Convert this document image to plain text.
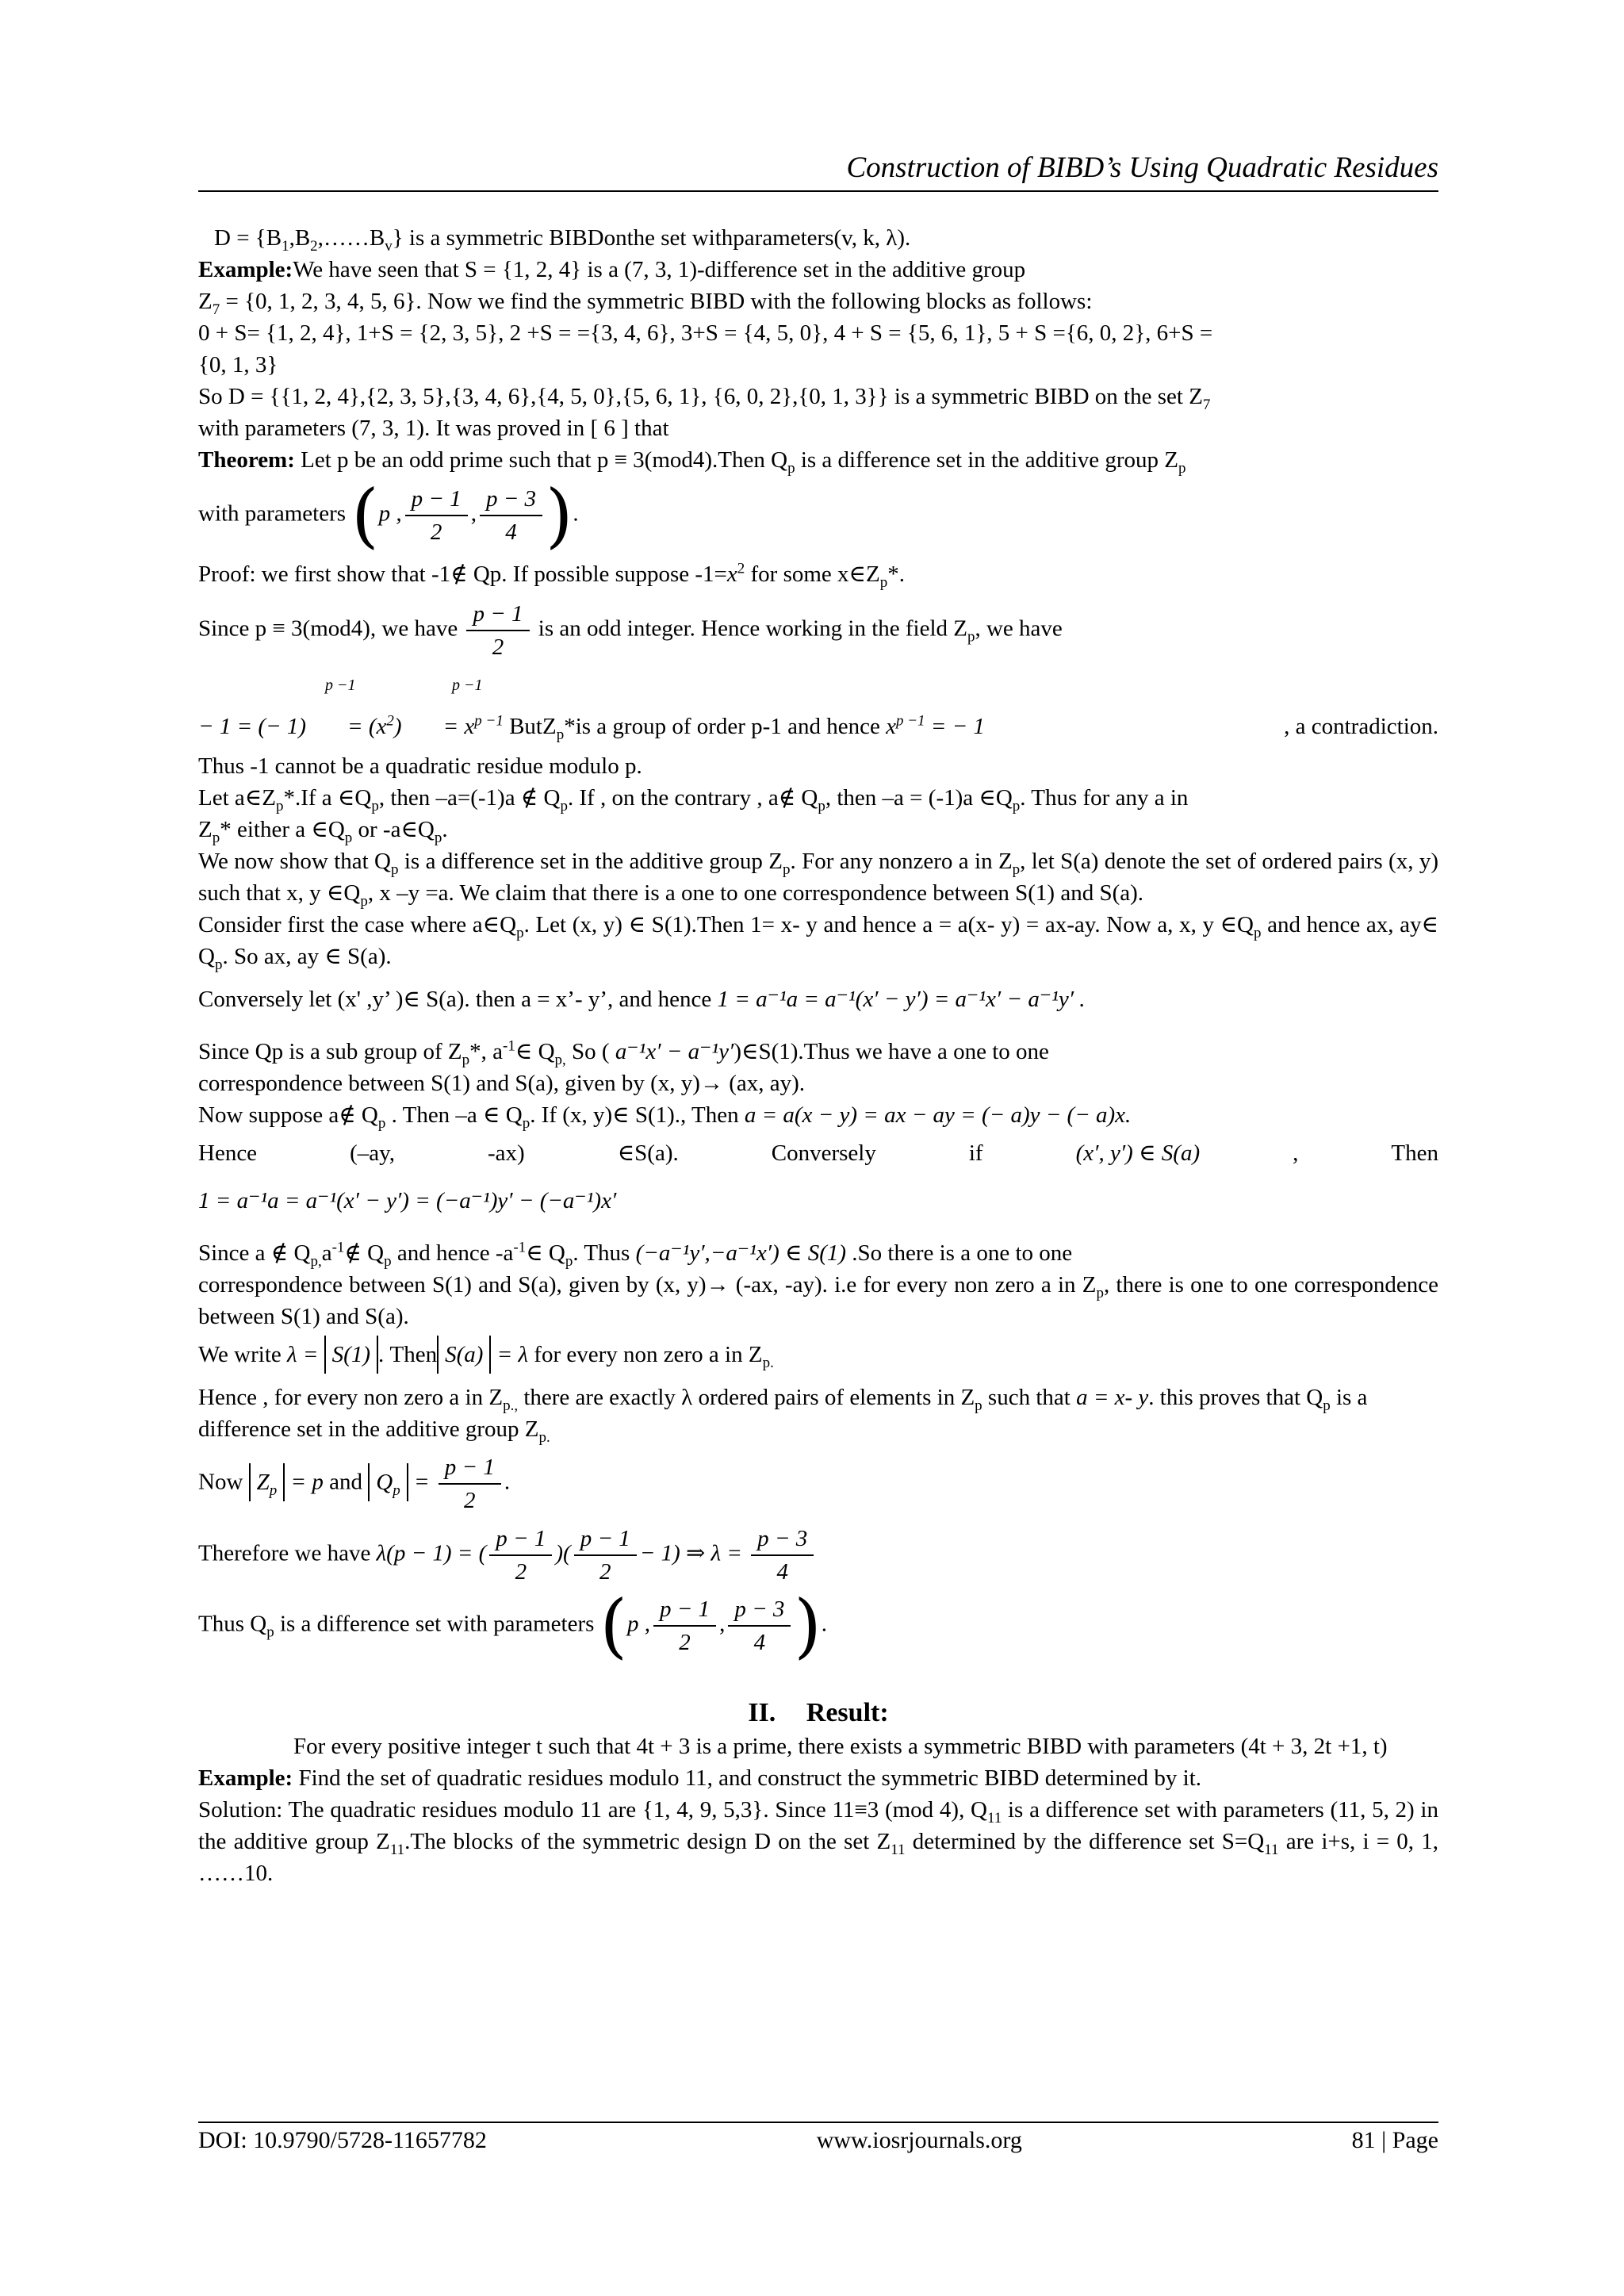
Construction of BIBD’s Using Quadratic Residues

$D = \{B_1,B_2,\dots\dots B_v\}$ is a symmetric BIBDonthe set withparameters(v, k, λ).

Example:We have seen that S = {1, 2, 4} is a (7, 3, 1)-difference set in the additive group

$Z_7 = \{0$, 1, 2, 3, 4, 5, 6}. Now we find the symmetric BIBD with the following blocks as follows:

0 + S= {1, 2, 4}, 1+S = {2, 3, 5}, 2 +S = ={3, 4, 6}, 3+S = {4, 5, 0}, 4 + S = {5, 6, 1}, 5 + S ={6, 0, 2}, 6+S =

{0, 1, 3}

So D = {{1, 2, 4},{2, 3, 5},{3, 4, 6},{4, 5, 0},{5, 6, 1}, {6, 0, 2},{0, 1, 3}} is a symmetric BIBD on the set $Z_7$

with parameters (7, 3, 1). It was proved in [ 6 ] that

Theorem: Let p be an odd prime such that p ≡ 3(mod4).Then $Q_p$ is a difference set in the additive group $Z_p$

with parameters (p , $\frac{p - 1}{2}$ , $\frac{p - 3}{4}$ ).

Proof: we first show that -1∉ Qp. If possible suppose $-1=x^2$ for some $x\in Z_p*$.

Since p ≡ 3(mod4), we have $\frac{p - 1}{2}$ is an odd integer. Hence working in the field $Z_p$, we have

p −1	p −1
− 1 = (− $1) = (x^2) = x^{p -1}$ ButZ$_p$*is a group of order p-1 and hence $x^{p -1}$ = − 1	, a contradiction.

Thus -1 cannot be a quadratic residue modulo p.

Let $a\in Z_p*.If$ a $\in Q_p$, then –a=(-1)a ∉ $Q_p$. If , on the contrary , a∉ $Q_p$, then –a = (-1)a $\in Q_p$. Thus for any a in

$Z_p*$ either a $\in Q_p$ or $-a\in Q_p$.

We now show that $Q_p$ is a difference set in the additive group $Z_p$. For any nonzero a in $Z_p$, let S(a) denote the set of ordered pairs (x, y) such that x, y $\in Q_p$, x –y =a. We claim that there is a one to one correspondence between S(1) and S(a).

Consider first the case where $a\in Q_p$. Let (x, y) ∈ S(1).Then 1= x- y and hence a = a(x- y) = ax-ay. Now a, x, y $\in Q_p$ and hence ax, ay∈ $Q_p$. So ax, ay ∈ S(a).

Conversely let (x' ,y’ )∈ S(a). then a = x’- y’, and hence 1 = a⁻¹a = a⁻¹(x′ − y′) = a⁻¹x′ − a⁻¹y′ .

Since Qp is a sub group of $Z_p*$, $a^{-1}\in$ $Q_{p,}$ So ( a⁻¹x′ − a⁻¹y′)∈S(1).Thus we have a one to one

correspondence between S(1) and S(a), given by (x, y)→ (ax, ay).

Now suppose a∉ $Q_p$ . Then –a ∈ $Q_p$. If (x, y)∈ S(1)., Then a = a(x − y) = ax − ay = (− a)y − (− a)x.

Hence	(–ay,	-ax)	∈S(a).	Conversely	if	(x′, y′) ∈ S(a)	,	Then

1 = a⁻¹a = a⁻¹(x′ − y′) = (−a⁻¹)y′ − (−a⁻¹)x′

Since a ∉ $Q_{p,}a^{-1}\notin$ $Q_p$ and hence $-a^{-1}\in$ $Q_p$. Thus (−a⁻¹y′,−a⁻¹x′) ∈ S(1) .So there is a one to one

correspondence between S(1) and S(a), given by (x, y)→ (-ax, -ay). i.e for every non zero a in $Z_p$, there is one to one correspondence between S(1) and S(a).

We write λ = S(1) . Then S(a) = λ for every non zero a in $Z_{p.}$

Hence , for every non zero a in $Z_{p.,}$ there are exactly λ ordered pairs of elements in $Z_p$ such that a = x- y. this proves that $Q_p$ is a difference set in the additive group $Z_{p.}$

Now $Z_p = p$ and $Q_p = \frac{p - 1}{2}$ .

Therefore we have λ(p − 1) = ( $\frac{p - 1}{2}$ )( $\frac{p - 1}{2} - 1$) ⇒ $\lambda = \frac{p - 3}{4}$

Thus $Q_p$ is a difference set with parameters (p , $\frac{p - 1}{2}$ , $\frac{p - 3}{4}$ ).

II. Result:

For every positive integer t such that 4t + 3 is a prime, there exists a symmetric BIBD with parameters (4t + 3, 2t +1, t)

Example: Find the set of quadratic residues modulo 11, and construct the symmetric BIBD determined by it.

Solution: The quadratic residues modulo 11 are {1, 4, 9, 5,3}. Since 11≡3 (mod 4), $Q_{11}$ is a difference set with parameters (11, 5, 2) in the additive group $Z_{11}.The$ blocks of the symmetric design D on the set $Z_{11}$ determined by the difference set $S=Q_{11}$ are i+s, i = 0, 1, ……10.

DOI: 10.9790/5728-11657782	www.iosrjournals.org	81 | Page
